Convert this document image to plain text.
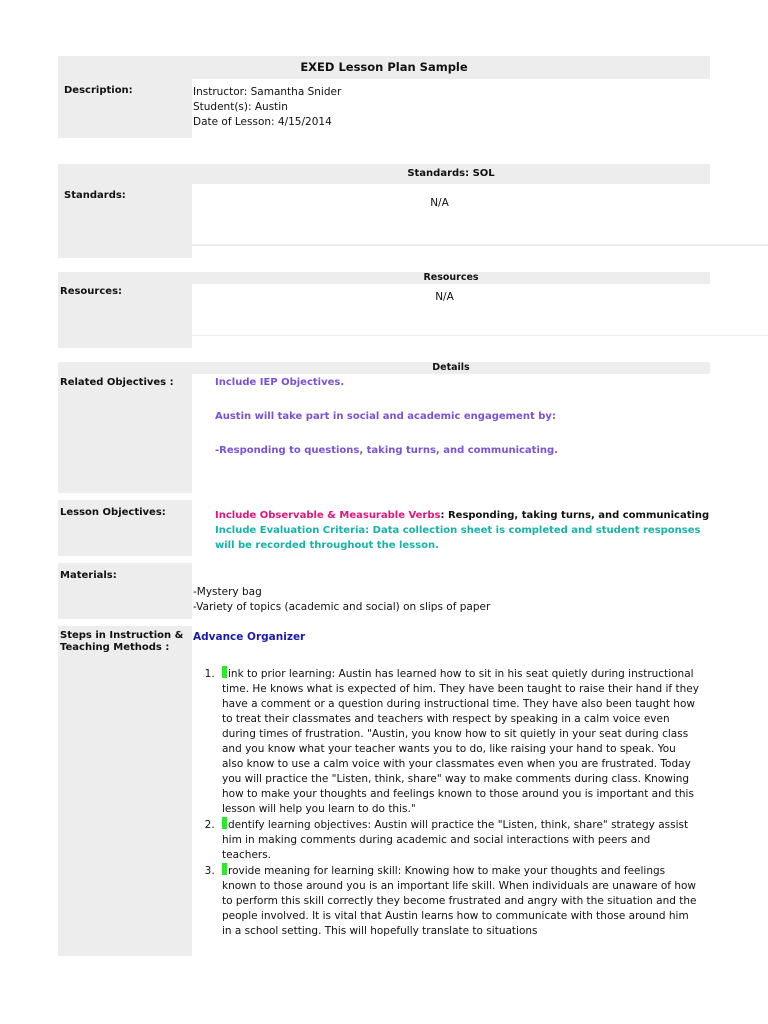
EXED Lesson Plan Sample
Description:	Instructor: Samantha Snider
Student(s): Austin
Date of Lesson: 4/15/2014
Standards: SOL
Standards:
N/A
Resources
Resources:	N/A
Details
Related Objectives :	Include IEP Objectives.
Austin will take part in social and academic engagement by:
-Responding to questions, taking turns, and communicating.
Lesson Objectives:	Include Observable & Measurable Verbs: Responding, taking turns, and communicating
Include Evaluation Criteria: Data collection sheet is completed and student responses
will be recorded throughout the lesson.
Materials:
-Mystery bag
-Variety of topics (academic and social) on slips of paper
Steps in Instruction &
Teaching Methods :
Advance Organizer
1. ink to prior learning: Austin has learned how to sit in his seat quietly during instructional time. He knows what is expected of him. They have been taught to raise their hand if they have a comment or a question during instructional time. They have also been taught how to treat their classmates and teachers with respect by speaking in a calm voice even during times of frustration. "Austin, you know how to sit quietly in your seat during class and you know what your teacher wants you to do, like raising your hand to speak. You also know to use a calm voice with your classmates even when you are frustrated. Today you will practice the "Listen, think, share" way to make comments during class. Knowing how to make your thoughts and feelings known to those around you is important and this lesson will help you learn to do this."
2. dentify learning objectives: Austin will practice the "Listen, think, share" strategy assist him in making comments during academic and social interactions with peers and teachers.
3. rovide meaning for learning skill: Knowing how to make your thoughts and feelings known to those around you is an important life skill. When individuals are unaware of how to perform this skill correctly they become frustrated and angry with the situation and the people involved. It is vital that Austin learns how to communicate with those around him in a school setting. This will hopefully translate to situations
